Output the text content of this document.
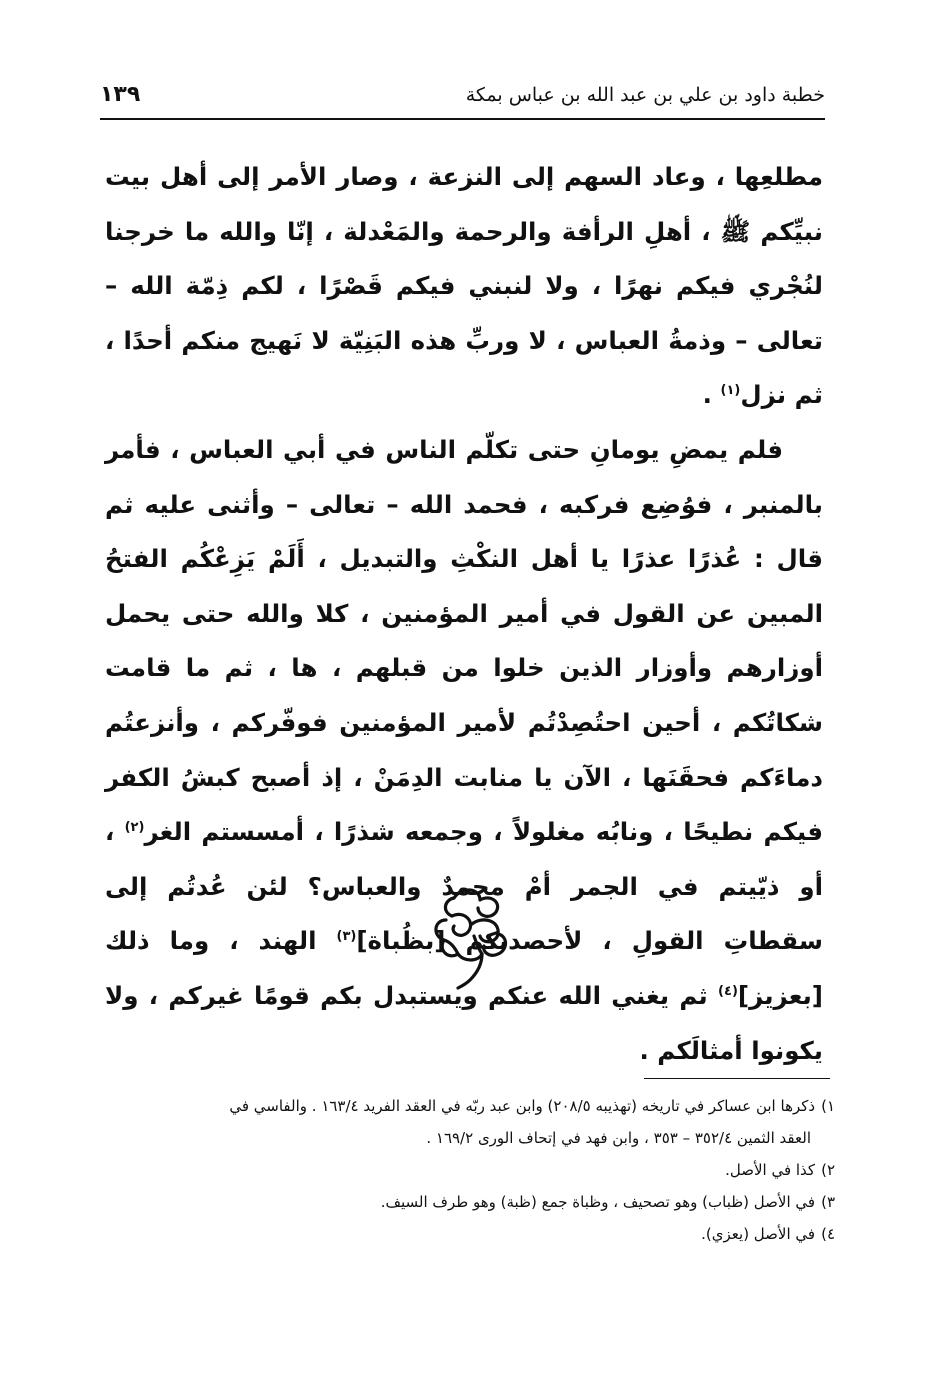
خطبة داود بن علي بن عبد الله بن عباس بمكة
١٣٩

مطلعِها ، وعاد السهم إلى النزعة ، وصار الأمر إلى أهل بيت نبيِّكم ﷺ ، أهلِ الرأفة والرحمة والمَعْدلة ، إنّا والله ما خرجنا لنُجْري فيكم نهرًا ، ولا لنبني فيكم قَصْرًا ، لكم ذِمّة الله – تعالى – وذمةُ العباس ، لا وربِّ هذه البَنِيّة لا نَهيج منكم أحدًا ، ثم نزل$^{(١)}$ .

فلم يمضِ يومانِ حتى تكلّم الناس في أبي العباس ، فأمر بالمنبر ، فوُضِع فركبه ، فحمد الله – تعالى – وأثنى عليه ثم قال : عُذرًا عذرًا يا أهل النكْثِ والتبديل ، أَلَمْ يَزِعْكُم الفتحُ المبين عن القول في أمير المؤمنين ، كلا والله حتى يحمل أوزارهم وأوزار الذين خلوا من قبلهم ، ها ، ثم ما قامت شكاتُكم ، أحين احتُصِدْتُم لأمير المؤمنين فوفّركم ، وأنزعتُم دماءَكم فحقَنَها ، الآن يا منابت الدِمَنْ ، إذ أصبح كبشُ الكفر فيكم نطيحًا ، ونابُه مغلولاً ، وجمعه شذرًا ، أمسستم الغر$^{(٢)}$ ، أو ذيّيتم في الجمر أمْ محمدٌ والعباس؟ لئن عُدتُم إلى سقطاتِ القولِ ، لأحصدنكم [بظُباة]$^{(٣)}$ الهند ، وما ذلك [بعزيز]$^{(٤)}$ ثم يغني الله عنكم ويستبدل بكم قومًا غيركم ، ولا يكونوا أمثالَكم .

١)ذكرها ابن عساكر في تاريخه (تهذيبه ٢٠٨/٥) وابن عبد ربّه في العقد الفريد ١٦٣/٤ . والفاسي في
العقد الثمين ٣٥٢/٤ – ٣٥٣ ، وابن فهد في إتحاف الورى ١٦٩/٢ .

٢)كذا في الأصل.

٣)في الأصل (ظباب) وهو تصحيف ، وظباة جمع (ظبة) وهو طرف السيف.

٤)في الأصل (يعزي).
